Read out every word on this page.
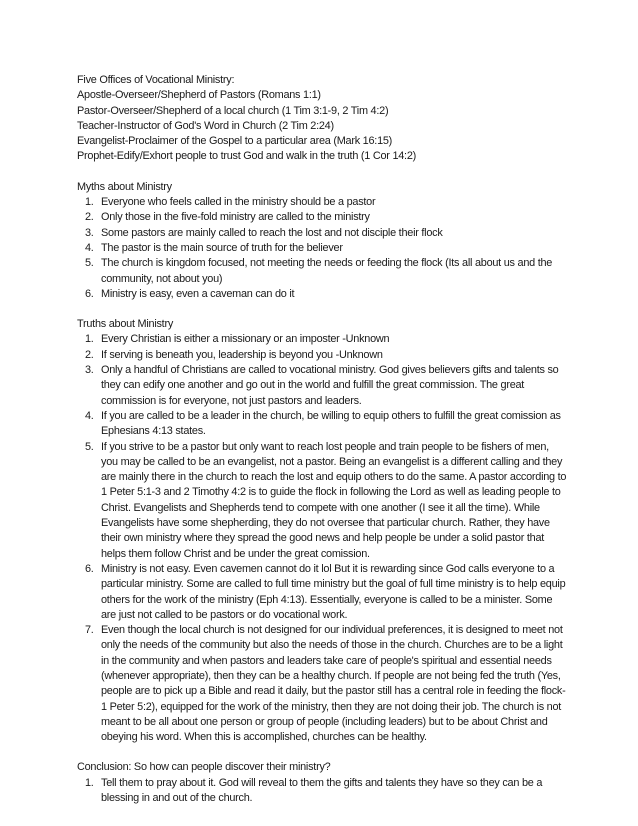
Five Offices of Vocational Ministry:
Apostle-Overseer/Shepherd of Pastors (Romans 1:1)
Pastor-Overseer/Shepherd of a local church (1 Tim 3:1-9, 2 Tim 4:2)
Teacher-Instructor of God's Word in Church (2 Tim 2:24)
Evangelist-Proclaimer of the Gospel to a particular area (Mark 16:15)
Prophet-Edify/Exhort people to trust God and walk in the truth (1 Cor 14:2)
Myths about Ministry
1. Everyone who feels called in the ministry should be a pastor
2. Only those in the five-fold ministry are called to the ministry
3. Some pastors are mainly called to reach the lost and not disciple their flock
4. The pastor is the main source of truth for the believer
5. The church is kingdom focused, not meeting the needs or feeding the flock (Its all about us and the community, not about you)
6. Ministry is easy, even a caveman can do it
Truths about Ministry
1. Every Christian is either a missionary or an imposter -Unknown
2. If serving is beneath you, leadership is beyond you -Unknown
3. Only a handful of Christians are called to vocational ministry. God gives believers gifts and talents so they can edify one another and go out in the world and fulfill the great commission. The great commission is for everyone, not just pastors and leaders.
4. If you are called to be a leader in the church, be willing to equip others to fulfill the great comission as Ephesians 4:13 states.
5. If you strive to be a pastor but only want to reach lost people and train people to be fishers of men, you may be called to be an evangelist, not a pastor. Being an evangelist is a different calling and they are mainly there in the church to reach the lost and equip others to do the same. A pastor according to 1 Peter 5:1-3 and 2 Timothy 4:2 is to guide the flock in following the Lord as well as leading people to Christ. Evangelists and Shepherds tend to compete with one another (I see it all the time). While Evangelists have some shepherding, they do not oversee that particular church. Rather, they have their own ministry where they spread the good news and help people be under a solid pastor that helps them follow Christ and be under the great comission.
6. Ministry is not easy. Even cavemen cannot do it lol But it is rewarding since God calls everyone to a particular ministry. Some are called to full time ministry but the goal of full time ministry is to help equip others for the work of the ministry (Eph 4:13). Essentially, everyone is called to be a minister. Some are just not called to be pastors or do vocational work.
7. Even though the local church is not designed for our individual preferences, it is designed to meet not only the needs of the community but also the needs of those in the church. Churches are to be a light in the community and when pastors and leaders take care of people's spiritual and essential needs (whenever appropriate), then they can be a healthy church. If people are not being fed the truth (Yes, people are to pick up a Bible and read it daily, but the pastor still has a central role in feeding the flock-1 Peter 5:2), equipped for the work of the ministry, then they are not doing their job. The church is not meant to be all about one person or group of people (including leaders) but to be about Christ and obeying his word. When this is accomplished, churches can be healthy.
Conclusion: So how can people discover their ministry?
1. Tell them to pray about it. God will reveal to them the gifts and talents they have so they can be a blessing in and out of the church.
